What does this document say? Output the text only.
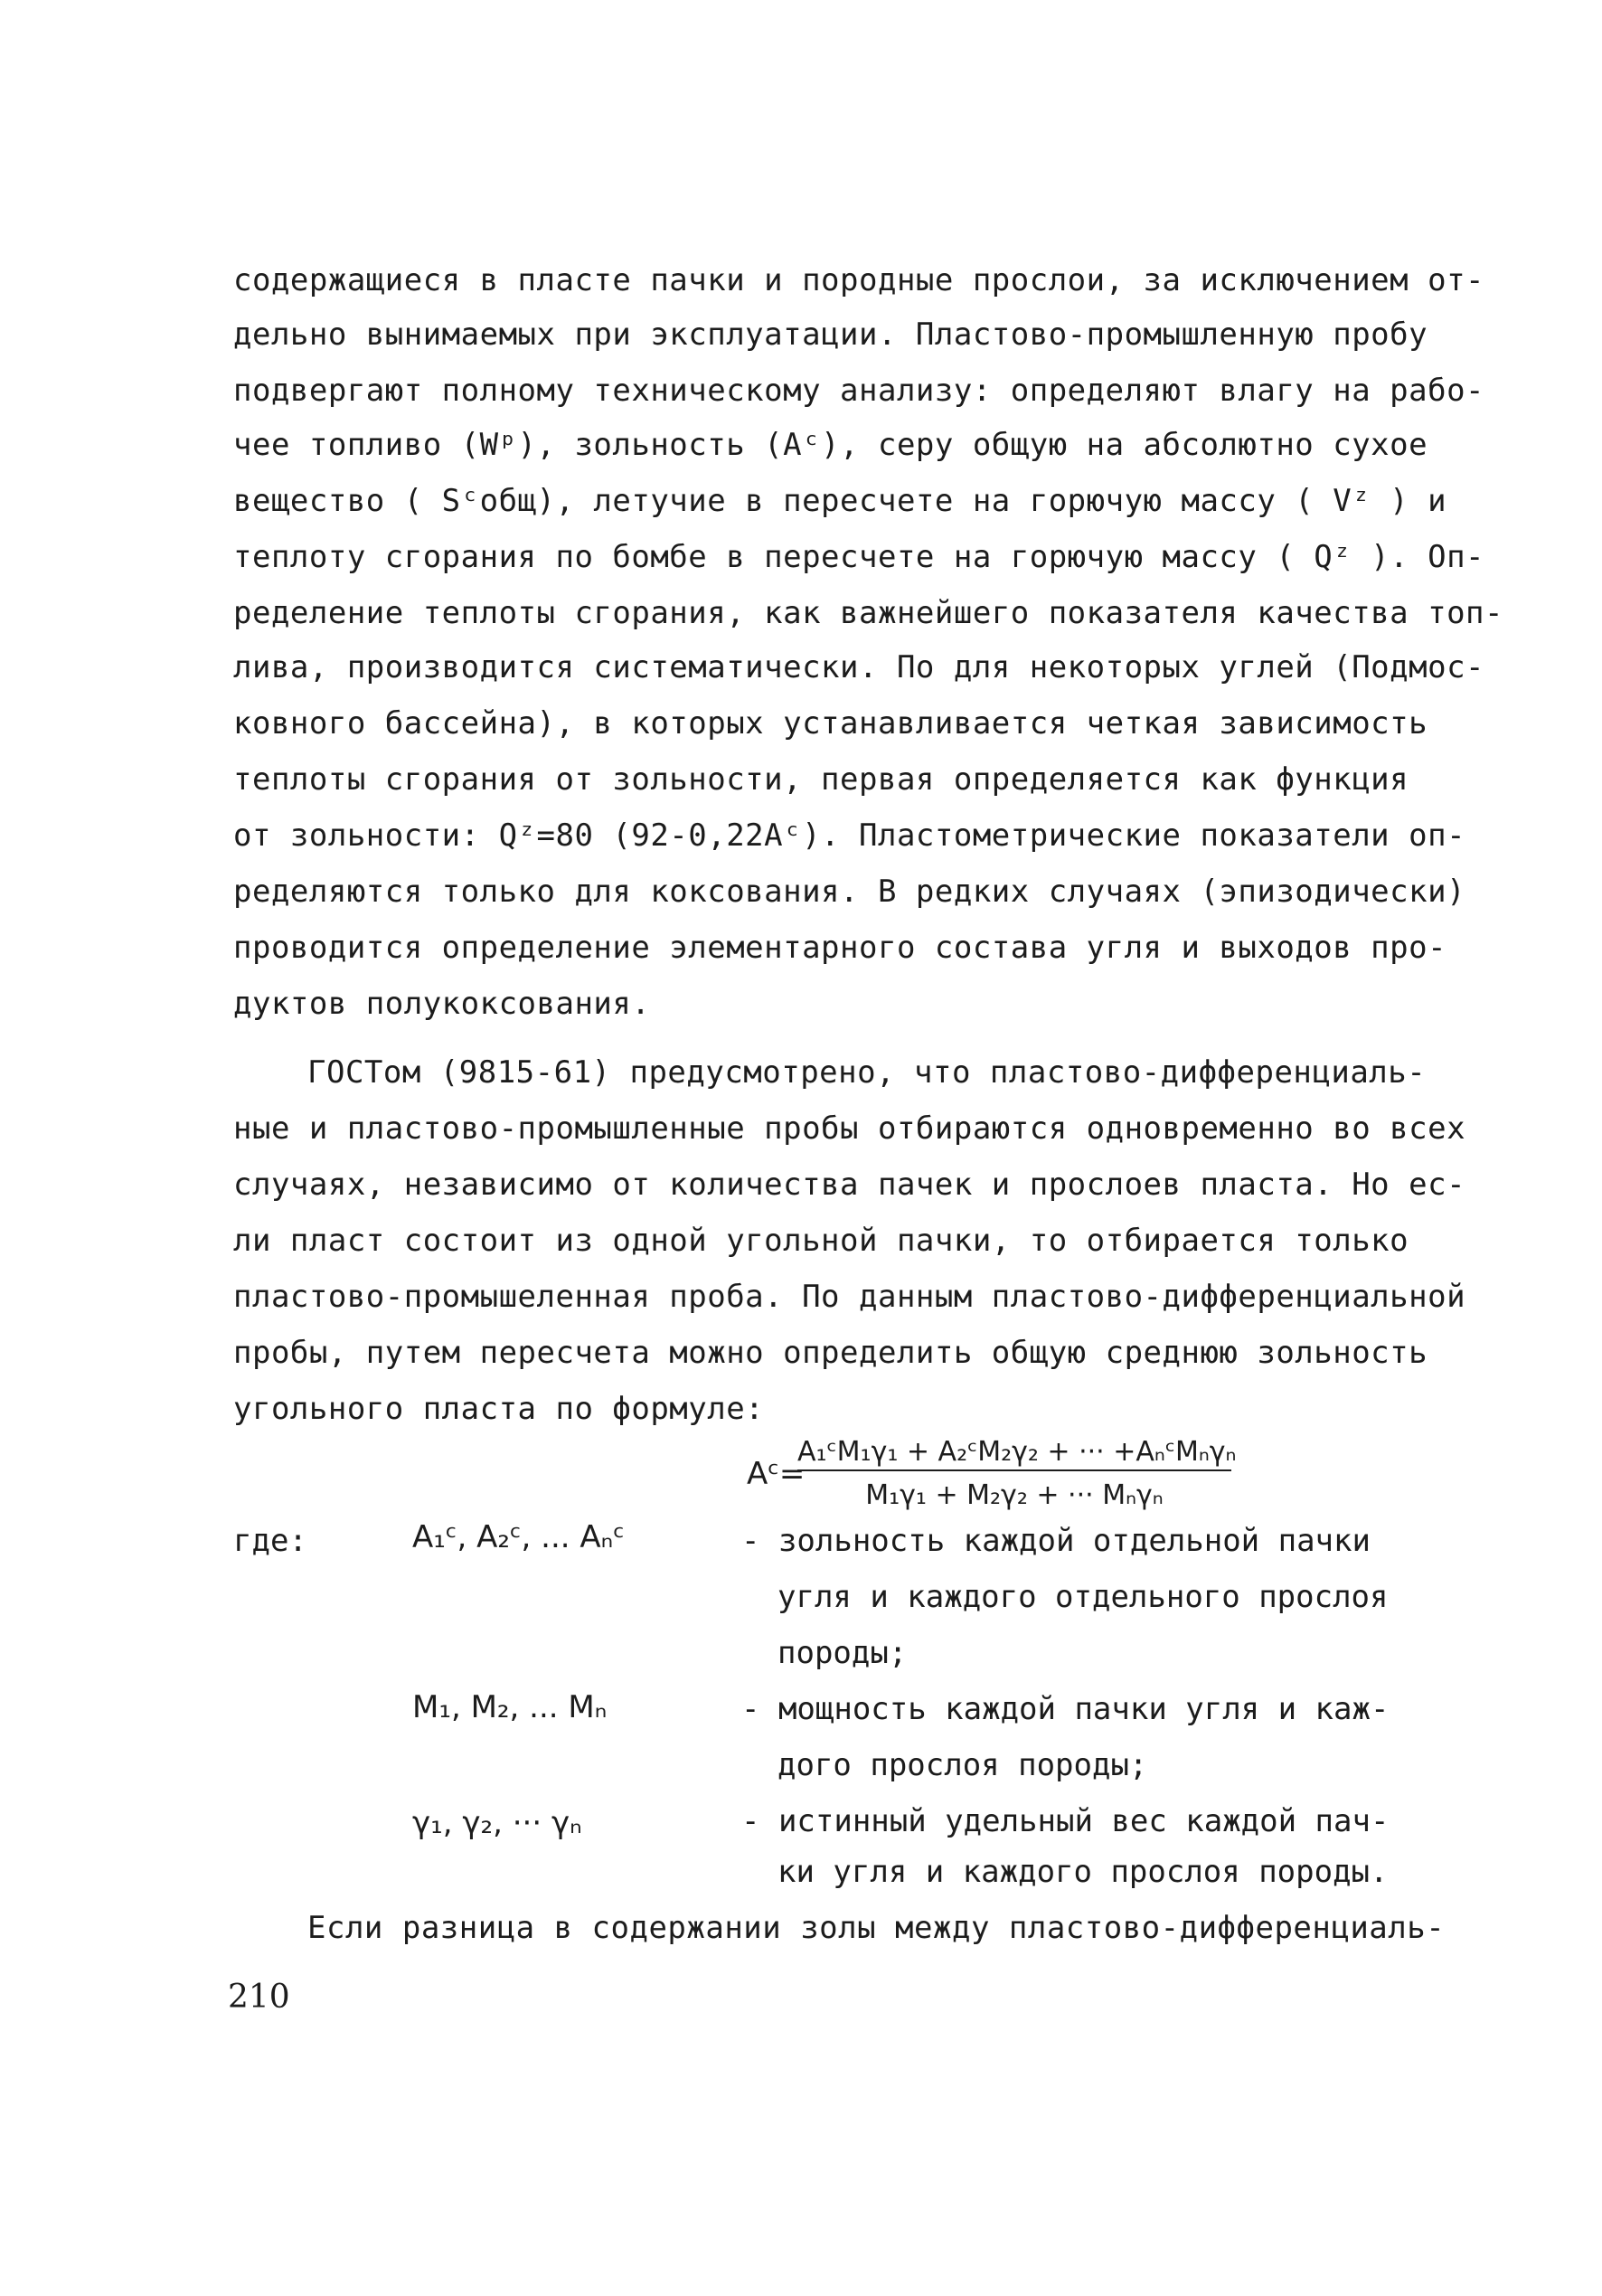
содержащиеся в пласте пачки и породные прослои, за исключением от-
дельно вынимаемых при эксплуатации. Пластово-промышленную пробу
подвергают полному техническому анализу: определяют влагу на рабо-
чее топливо (Wᵖ), зольность (Aᶜ), серу общую на абсолютно сухое
вещество ( Sᶜобщ), летучие в пересчете на горючую массу ( Vᶻ ) и
теплоту сгорания по бомбе в пересчете на горючую массу ( Qᶻ ). Оп-
ределение теплоты сгорания, как важнейшего показателя качества топ-
лива, производится систематически. По для некоторых углей (Подмос-
ковного бассейна), в которых устанавливается четкая зависимость
теплоты сгорания от зольности, первая определяется как функция
от зольности: Qᶻ=80 (92-0,22Aᶜ). Пластометрические показатели оп-
ределяются только для коксования. В редких случаях (эпизодически)
проводится определение элементарного состава угля и выходов про-
дуктов полукоксования.
ГОСТом (9815-61) предусмотрено, что пластово-дифференциаль-
ные и пластово-промышленные пробы отбираются одновременно во всех
случаях, независимо от количества пачек и прослоев пласта. Но ес-
ли пласт состоит из одной угольной пачки, то отбирается только
пластово-промышеленная проба. По данным пластово-дифференциальной
пробы, путем пересчета можно определить общую среднюю зольность
угольного пласта по формуле:
Aᶜ=
A₁ᶜM₁γ₁ + A₂ᶜM₂γ₂ + ··· +AₙᶜMₙγₙ
M₁γ₁ + M₂γ₂ + ··· Mₙγₙ
где:	A₁ᶜ, A₂ᶜ, ... Aₙᶜ	- зольность каждой отдельной пачки
угля и каждого отдельного прослоя
породы;
M₁, M₂, ... Mₙ	- мощность каждой пачки угля и каж-
дого прослоя породы;
γ₁, γ₂, ··· γₙ	- истинный удельный вес каждой пач-
ки угля и каждого прослоя породы.
Если разница в содержании золы между пластово-дифференциаль-
210
